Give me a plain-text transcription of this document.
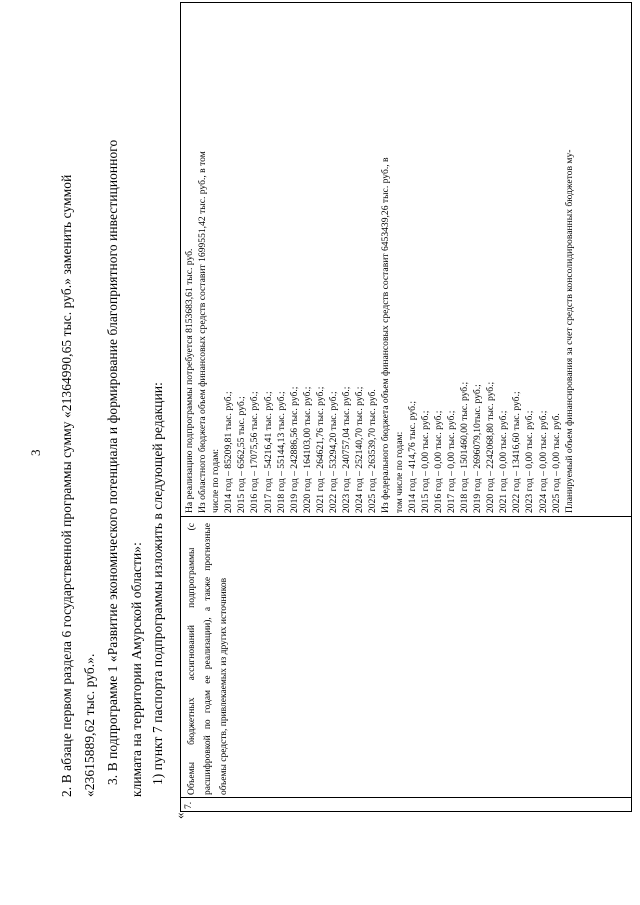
3 2. В абзаце первом раздела 6 государственной программы сумму «21364990,65 тыс. руб.» заменить суммой «23615889,62 тыс. руб.». 3. В подпрограмме 1 «Развитие экономического потенциала и формирование благоприятного инвестиционного климата на территории Амурской области»: 1) пункт 7 паспорта подпрограммы изложить в следующей редакции:
«
7.
Объемы бюджетных ассигнований подпрограммы (с расшифровкой по годам ее реализации), а также прогнозные объемы средств, привлекаемых из других источников
На реализацию подпрограммы потребуется 8153683,61 тыс. руб. Из областного бюджета объем финансовых средств составит 1699551,42 тыс. руб., в том числе по годам: 2014 год – 85209,81 тыс. руб.; 2015 год – 6562,55 тыс. руб.; 2016 год – 17075,56 тыс. руб.; 2017 год – 54216,41 тыс. руб.; 2018 год – 55144,13 тыс. руб.; 2019 год – 242886,56 тыс. руб.; 2020 год – 164103,00 тыс. руб.; 2021 год – 264621,76 тыс. руб.; 2022 год – 53294,20 тыс. руб.; 2023 год – 240757,04 тыс. руб.; 2024 год – 252140,70 тыс. руб.; 2025 год – 263539,70 тыс. руб. Из федерального бюджета объем финансовых средств составит 6453439,26 тыс. руб., в том числе по годам: 2014 год – 414,76 тыс. руб.; 2015 год – 0,00 тыс. руб.; 2016 год – 0,00 тыс. руб.; 2017 год – 0,00 тыс. руб.; 2018 год – 1501460,00 тыс. руб.; 2019 год – 2696079,10тыс. руб.; 2020 год – 2242068,80 тыс. руб.; 2021 год – 0,00 тыс. руб.; 2022 год – 13416,60 тыс. руб.; 2023 год – 0,00 тыс. руб.; 2024 год – 0,00 тыс. руб.; 2025 год – 0,00 тыс. руб. Планируемый объем финансирования за счет средств консолидированных бюджетов му-
